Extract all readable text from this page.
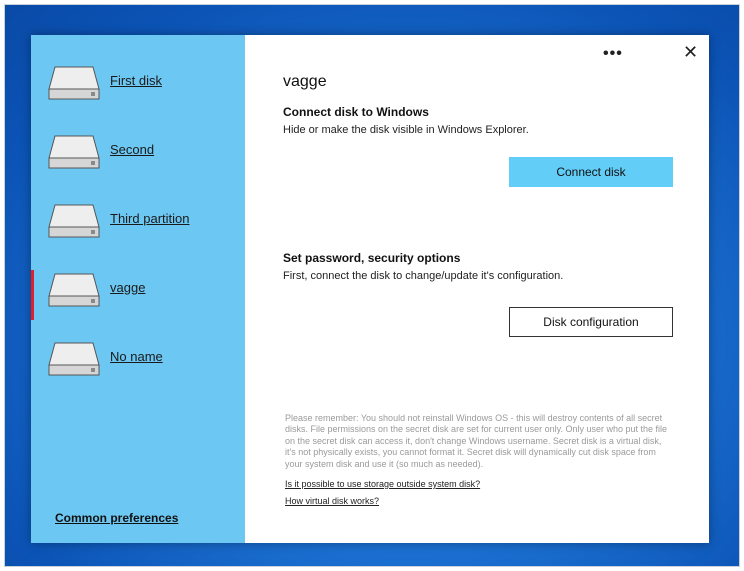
First disk
Second
Third partition
vagge
No name
Common preferences
•••	✕
vagge
Connect disk to Windows
Hide or make the disk visible in Windows Explorer.
Connect disk
Set password, security options
First, connect the disk to change/update it's configuration.
Disk configuration
Please remember: You should not reinstall Windows OS - this will destroy contents of all secret disks. File permissions on the secret disk are set for current user only. Only user who put the file on the secret disk can access it, don't change Windows username. Secret disk is a virtual disk, it's not physically exists, you cannot format it. Secret disk will dynamically cut disk space from your system disk and use it (so much as needed).
Is it possible to use storage outside system disk?
How virtual disk works?
